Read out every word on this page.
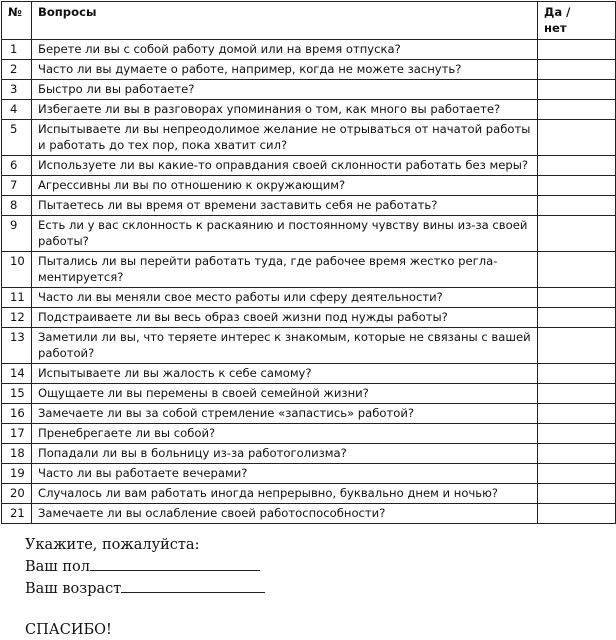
№	Вопросы	Да /
нет
1	Берете ли вы с собой работу домой или на время отпуска?	
2	Часто ли вы думаете о работе, например, когда не можете заснуть?	
3	Быстро ли вы работаете?	
4	Избегаете ли вы в разговорах упоминания о том, как много вы работаете?	
5	Испытываете ли вы непреодолимое желание не отрываться от начатой работы и работать до тех пор, пока хватит сил?	
6	Используете ли вы какие-то оправдания своей склонности работать без меры?	
7	Агрессивны ли вы по отношению к окружающим?	
8	Пытаетесь ли вы время от времени заставить себя не работать?	
9	Есть ли у вас склонность к раскаянию и постоянному чувству вины из-за своей работы?	
10	Пытались ли вы перейти работать туда, где рабочее время жестко регла-ментируется?	
11	Часто ли вы меняли свое место работы или сферу деятельности?	
12	Подстраиваете ли вы весь образ своей жизни под нужды работы?	
13	Заметили ли вы, что теряете интерес к знакомым, которые не связаны с вашей работой?	
14	Испытываете ли вы жалость к себе самому?	
15	Ощущаете ли вы перемены в своей семейной жизни?	
16	Замечаете ли вы за собой стремление «запастись» работой?	
17	Пренебрегаете ли вы собой?	
18	Попадали ли вы в больницу из-за работоголизма?	
19	Часто ли вы работаете вечерами?	
20	Случалось ли вам работать иногда непрерывно, буквально днем и ночью?	
21	Замечаете ли вы ослабление своей работоспособности?	
Укажите, пожалуйста:
Ваш пол
Ваш возраст
СПАСИБО!
